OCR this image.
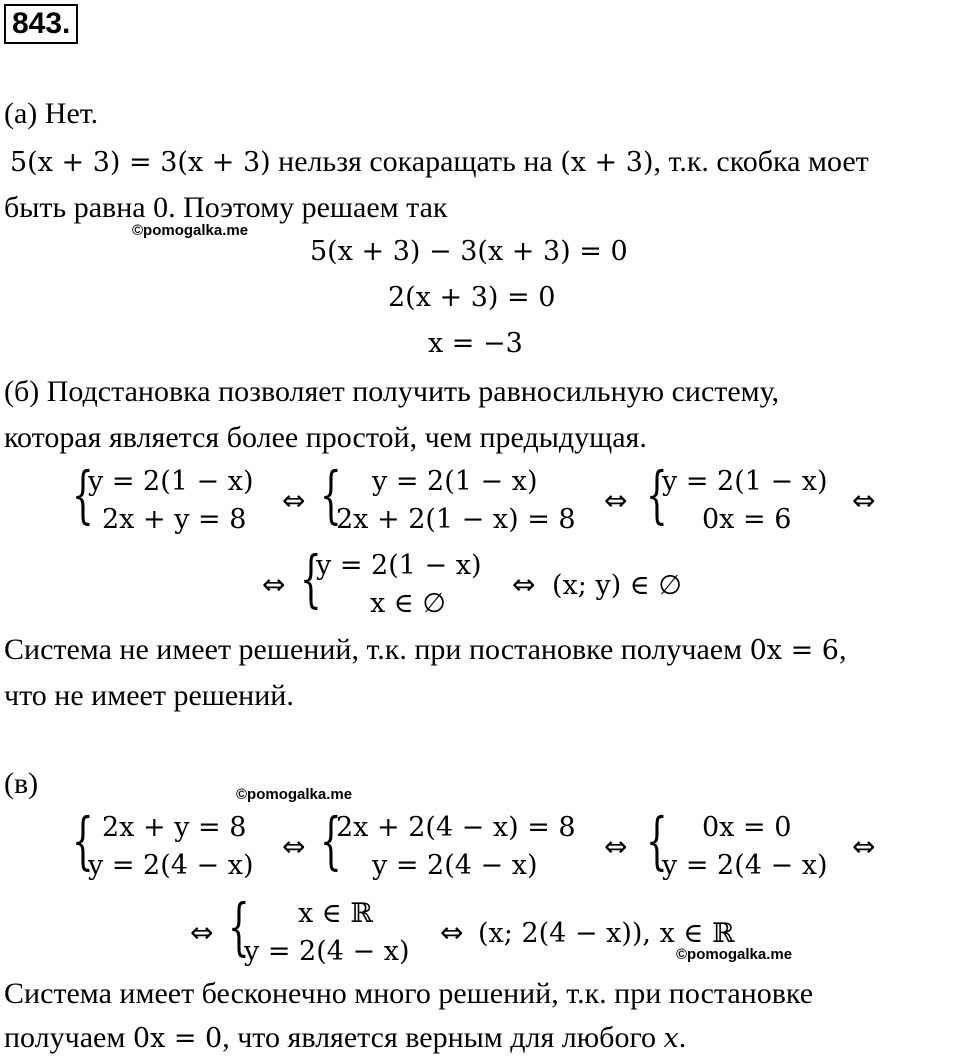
843.
(а) Нет.
5(x + 3) = 3(x + 3) нельзя сокаращать на (x + 3), т.к. скобка моет
быть равна 0. Поэтому решаем так
©pomogalka.me
5(x + 3) − 3(x + 3) = 0
2(x + 3) = 0
x = −3
(б) Подстановка позволяет получить равносильную систему,
которая является более простой, чем предыдущая.
{
y = 2(1 − x)
2x + y = 8
⇔ { y = 2(1 − x)
2x + 2(1 − x) = 8
⇔ {
y = 2(1 − x)
0x = 6
⇔
⇔ {
y = 2(1 − x)
x ∈ ∅
⇔ (x; y) ∈ ∅
Система не имеет решений, т.к. при постановке получаем 0x = 6,
что не имеет решений.
(в)	©pomogalka.me
{ 2x + y = 8
y = 2(4 − x)
⇔ {
2x + 2(4 − x) = 8
y = 2(4 − x)
⇔ { 0x = 0
y = 2(4 − x)
⇔
⇔ { x ∈ ℝ
y = 2(4 − x)
⇔ (x; 2(4 − x)), x ∈ ℝ
©pomogalka.me
Система имеет бесконечно много решений, т.к. при постановке
получаем 0x = 0, что является верным для любого x.
